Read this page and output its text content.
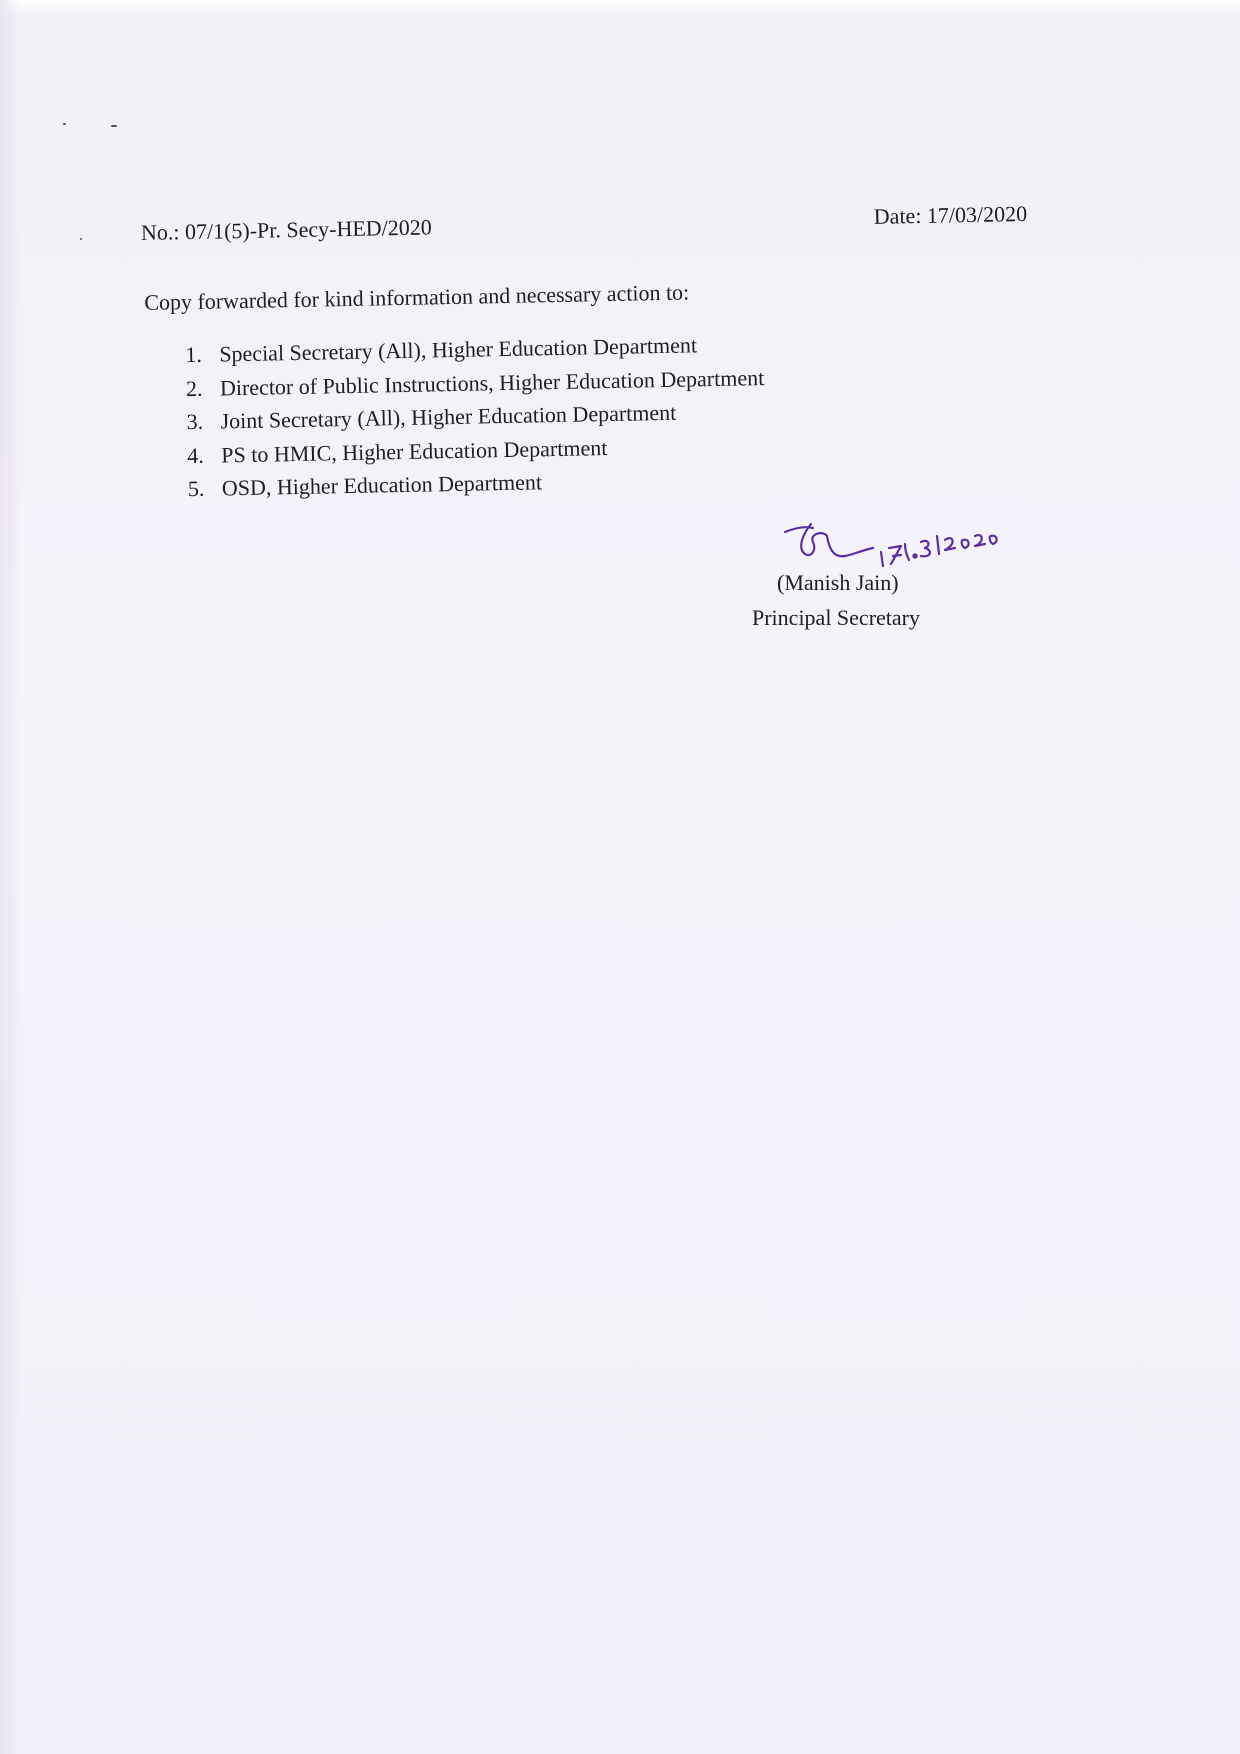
No.: 07/1(5)-Pr. Secy-HED/2020	Date: 17/03/2020
Copy forwarded for kind information and necessary action to:
1. Special Secretary (All), Higher Education Department
2. Director of Public Instructions, Higher Education Department
3. Joint Secretary (All), Higher Education Department
4. PS to HMIC, Higher Education Department
5. OSD, Higher Education Department
(Manish Jain)
Principal Secretary
